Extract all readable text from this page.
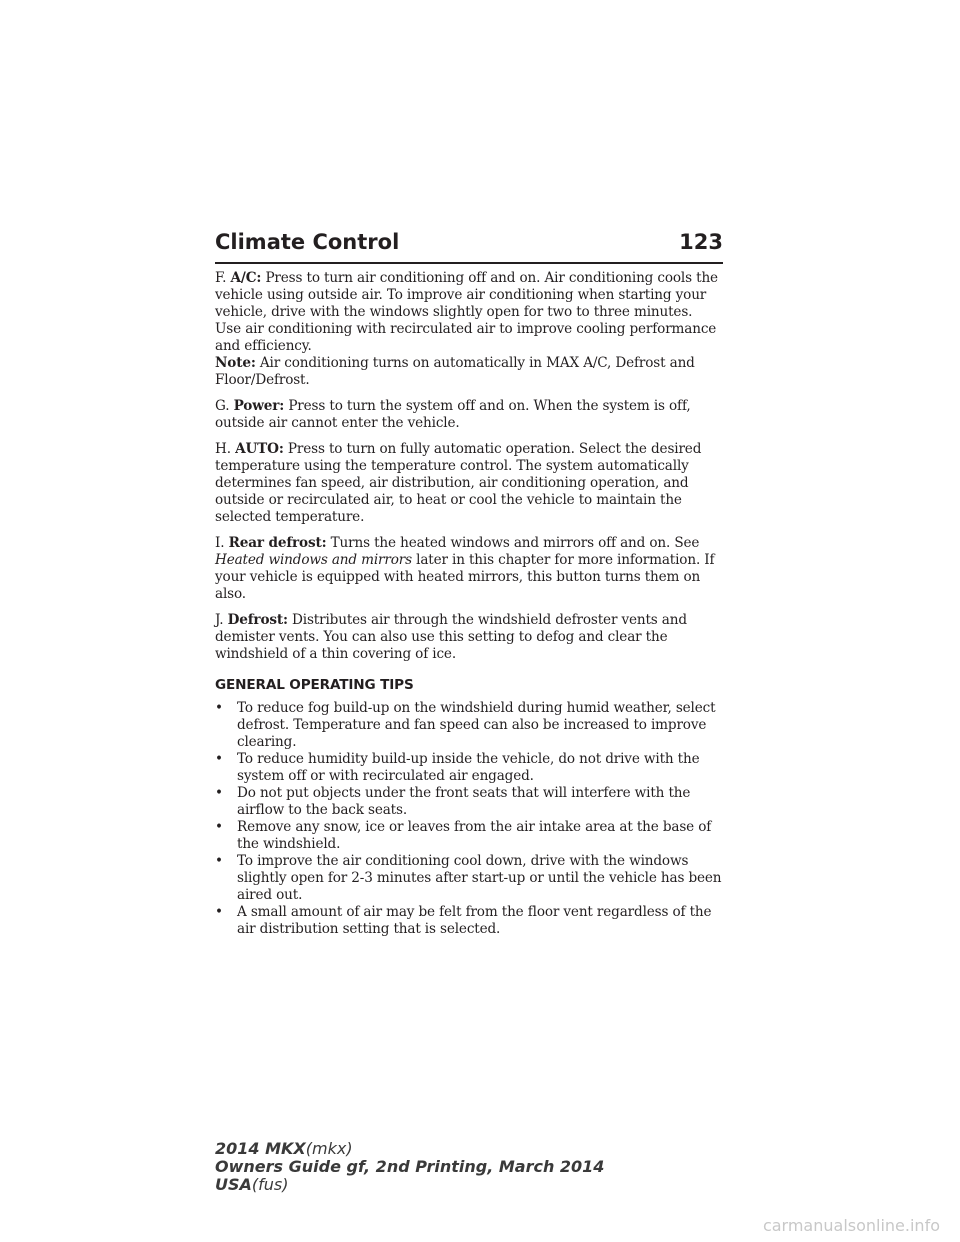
Climate Control	123

F. A/C: Press to turn air conditioning off and on. Air conditioning cools the vehicle using outside air. To improve air conditioning when starting your vehicle, drive with the windows slightly open for two to three minutes.

Use air conditioning with recirculated air to improve cooling performance and efficiency.

Note: Air conditioning turns on automatically in MAX A/C, Defrost and Floor/Defrost.

G. Power: Press to turn the system off and on. When the system is off, outside air cannot enter the vehicle.

H. AUTO: Press to turn on fully automatic operation. Select the desired temperature using the temperature control. The system automatically determines fan speed, air distribution, air conditioning operation, and outside or recirculated air, to heat or cool the vehicle to maintain the selected temperature.

I. Rear defrost: Turns the heated windows and mirrors off and on. See Heated windows and mirrors later in this chapter for more information. If your vehicle is equipped with heated mirrors, this button turns them on also.

J. Defrost: Distributes air through the windshield defroster vents and demister vents. You can also use this setting to defog and clear the windshield of a thin covering of ice.

GENERAL OPERATING TIPS
• To reduce fog build-up on the windshield during humid weather, select defrost. Temperature and fan speed can also be increased to improve clearing.
• To reduce humidity build-up inside the vehicle, do not drive with the system off or with recirculated air engaged.
• Do not put objects under the front seats that will interfere with the airflow to the back seats.
• Remove any snow, ice or leaves from the air intake area at the base of the windshield.
• To improve the air conditioning cool down, drive with the windows slightly open for 2-3 minutes after start-up or until the vehicle has been aired out.
• A small amount of air may be felt from the floor vent regardless of the air distribution setting that is selected.
2014 MKX(mkx)
Owners Guide gf, 2nd Printing, March 2014
USA(fus)
carmanualsonline.info
